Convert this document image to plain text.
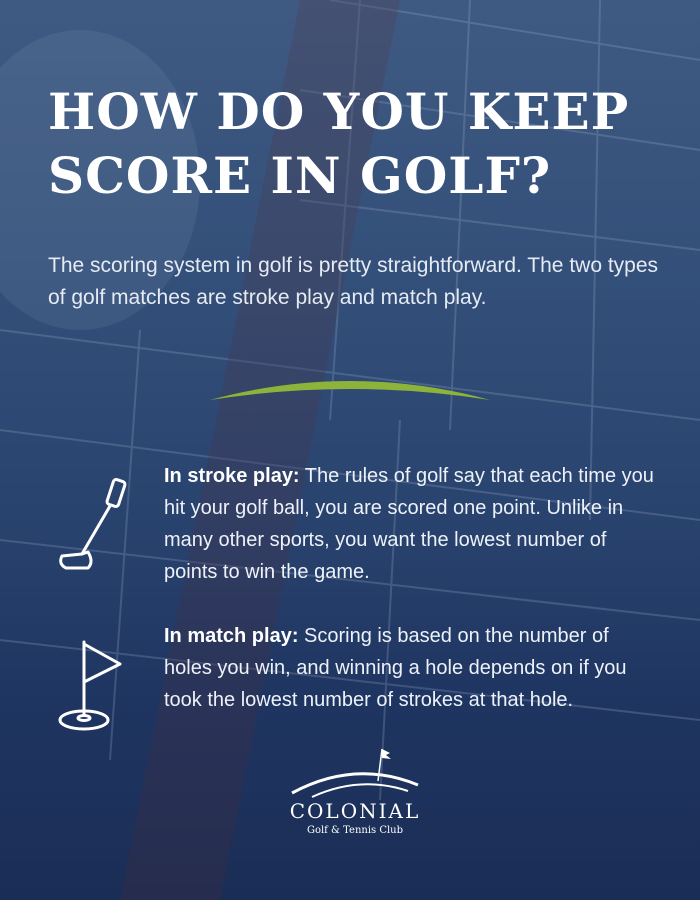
HOW DO YOU KEEP SCORE IN GOLF?

The scoring system in golf is pretty straightforward. The two types of golf matches are stroke play and match play.

In stroke play: The rules of golf say that each time you hit your golf ball, you are scored one point. Unlike in many other sports, you want the lowest number of points to win the game.

In match play: Scoring is based on the number of holes you win, and winning a hole depends on if you took the lowest number of strokes at that hole.

COLONIAL
Golf & Tennis Club
